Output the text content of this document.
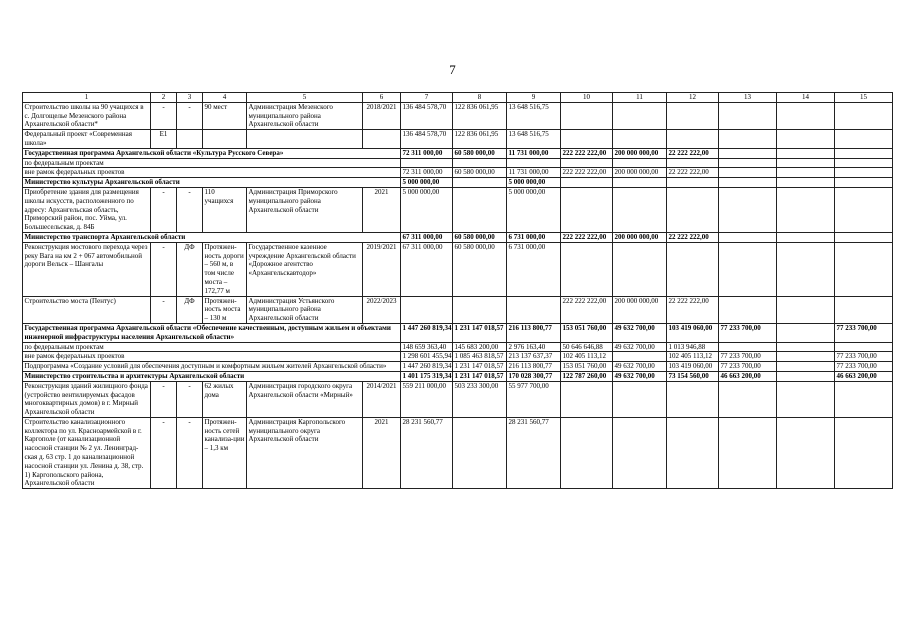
7
1	2	3	4	5	6	7	8	9	10	11	12	13	14	15
Строительство школы на 90 учащихся в с. Долгощелье Мезенского района Архангельской области*	-	-	90 мест	Администрация Мезенского муниципального района Архангельской области	2018/2021	136 484 578,70	122 836 061,95	13 648 516,75						
Федеральный проект «Современная школа»	E1					136 484 578,70	122 836 061,95	13 648 516,75						
Государственная программа Архангельской области «Культура Русского Севера»						72 311 000,00	60 580 000,00	11 731 000,00	222 222 222,00	200 000 000,00	22 222 222,00			
по федеральным проектам														
вне рамок федеральных проектов						72 311 000,00	60 580 000,00	11 731 000,00	222 222 222,00	200 000 000,00	22 222 222,00			
Министерство культуры Архангельской области						5 000 000,00		5 000 000,00						
Приобретение здания для размещения школы искусств, расположенного по адресу: Архангельская область, Приморский район, пос. Уйма, ул. Большесельская, д. 84Б	-	-	110 учащихся	Администрация Приморского муниципального района Архангельской области	2021	5 000 000,00		5 000 000,00						
Министерство транспорта Архангельской области						67 311 000,00	60 580 000,00	6 731 000,00	222 222 222,00	200 000 000,00	22 222 222,00			
Реконструкция мостового перехода через реку Вага на км 2 + 067 автомобильной дороги Вельск – Шангалы	-	ДФ	Протяжен-ность дороги – 560 м, в том числе моста – 172,77 м	Государственное казенное учреждение Архангельской области «Дорожное агентство «Архангельскавтодор»	2019/2021	67 311 000,00	60 580 000,00	6 731 000,00						
Строительство моста (Пентус)	-	ДФ	Протяжен-ность моста – 130 м	Администрация Устьянского муниципального района Архангельской области	2022/2023				222 222 222,00	200 000 000,00	22 222 222,00			
Государственная программа Архангельской области «Обеспечение качественным, доступным жильем и объектами инженерной инфраструктуры населения Архангельской области»						1 447 260 819,34	1 231 147 018,57	216 113 800,77	153 051 760,00	49 632 700,00	103 419 060,00	77 233 700,00		77 233 700,00
по федеральным проектам						148 659 363,40	145 683 200,00	2 976 163,40	50 646 646,88	49 632 700,00	1 013 946,88			
вне рамок федеральных проектов						1 298 601 455,94	1 085 463 818,57	213 137 637,37	102 405 113,12		102 405 113,12	77 233 700,00		77 233 700,00
Подпрограмма «Создание условий для обеспечения доступным и комфортным жильем жителей Архангельской области»						1 447 260 819,34	1 231 147 018,57	216 113 800,77	153 051 760,00	49 632 700,00	103 419 060,00	77 233 700,00		77 233 700,00
Министерство строительства и архитектуры Архангельской области						1 401 175 319,34	1 231 147 018,57	170 028 300,77	122 787 260,00	49 632 700,00	73 154 560,00	46 663 200,00		46 663 200,00
Реконструкция зданий жилищного фонда (устройство вентилируемых фасадов многоквартирных домов) в г. Мирный Архангельской области	-	-	62 жилых дома	Администрация городского округа Архангельской области «Мирный»	2014/2021	559 211 000,00	503 233 300,00	55 977 700,00						
Строительство канализационного коллектора по ул. Красноармейской в г. Каргополе (от канализационной насосной станции № 2 ул. Ленинград-ская д. 63 стр. 1 до канализационной насосной станции ул. Ленина д. 38, стр. 1) Каргопольского района, Архангельской области	-	-	Протяжен-ность сетей канализа-ции – 1,3 км	Администрация Каргопольского муниципального округа Архангельской области	2021	28 231 560,77		28 231 560,77						
